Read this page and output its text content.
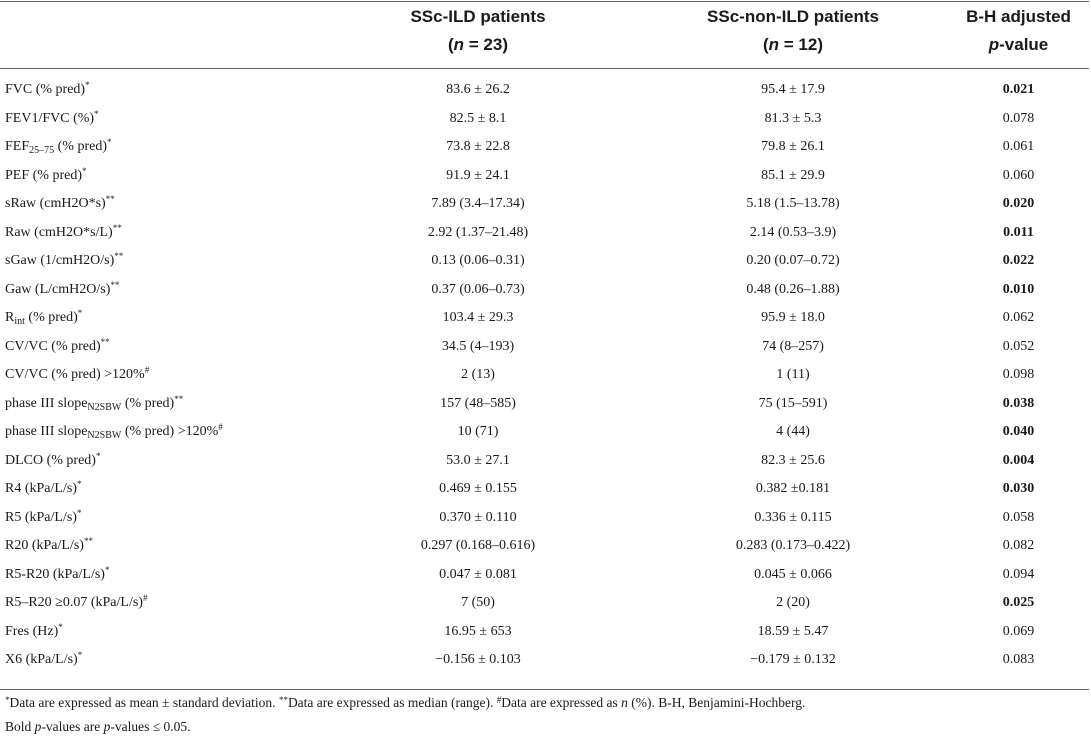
SSc-ILD patients
(n = 23)
SSc-non-ILD patients
(n = 12)
B-H adjusted
p-value
FVC (% pred)*	83.6 ± 26.2	95.4 ± 17.9	0.021
FEV1/FVC (%)*	82.5 ± 8.1	81.3 ± 5.3	0.078
$FEF_{25-75}$ (% pred)*	73.8 ± 22.8	79.8 ± 26.1	0.061
PEF (% pred)*	91.9 ± 24.1	85.1 ± 29.9	0.060
sRaw (cmH2O*s)**	7.89 (3.4–17.34)	5.18 (1.5–13.78)	0.020
Raw (cmH2O*s/L)**	2.92 (1.37–21.48)	2.14 (0.53–3.9)	0.011
sGaw (1/cmH2O/s)**	0.13 (0.06–0.31)	0.20 (0.07–0.72)	0.022
Gaw (L/cmH2O/s)**	0.37 (0.06–0.73)	0.48 (0.26–1.88)	0.010
$R_{int}$ (% pred)*	103.4 ± 29.3	95.9 ± 18.0	0.062
CV/VC (% pred)**	34.5 (4–193)	74 (8–257)	0.052
CV/VC (% pred) >120%#	2 (13)	1 (11)	0.098
phase III slope$_{N2SBW}$ (% pred)**	157 (48–585)	75 (15–591)	0.038
phase III slope$_{N2SBW}$ (% pred) >120%#	10 (71)	4 (44)	0.040
DLCO (% pred)*	53.0 ± 27.1	82.3 ± 25.6	0.004
R4 (kPa/L/s)*	0.469 ± 0.155	0.382 ±0.181	0.030
R5 (kPa/L/s)*	0.370 ± 0.110	0.336 ± 0.115	0.058
R20 (kPa/L/s)**	0.297 (0.168–0.616)	0.283 (0.173–0.422)	0.082
R5-R20 (kPa/L/s)*	0.047 ± 0.081	0.045 ± 0.066	0.094
R5–R20 ≥0.07 (kPa/L/s)#	7 (50)	2 (20)	0.025
Fres (Hz)*	16.95 ± 653	18.59 ± 5.47	0.069
X6 (kPa/L/s)*	−0.156 ± 0.103	−0.179 ± 0.132	0.083
*Data are expressed as mean ± standard deviation. **Data are expressed as median (range). #Data are expressed as n (%). B-H, Benjamini-Hochberg.
Bold p-values are p-values ≤ 0.05.
